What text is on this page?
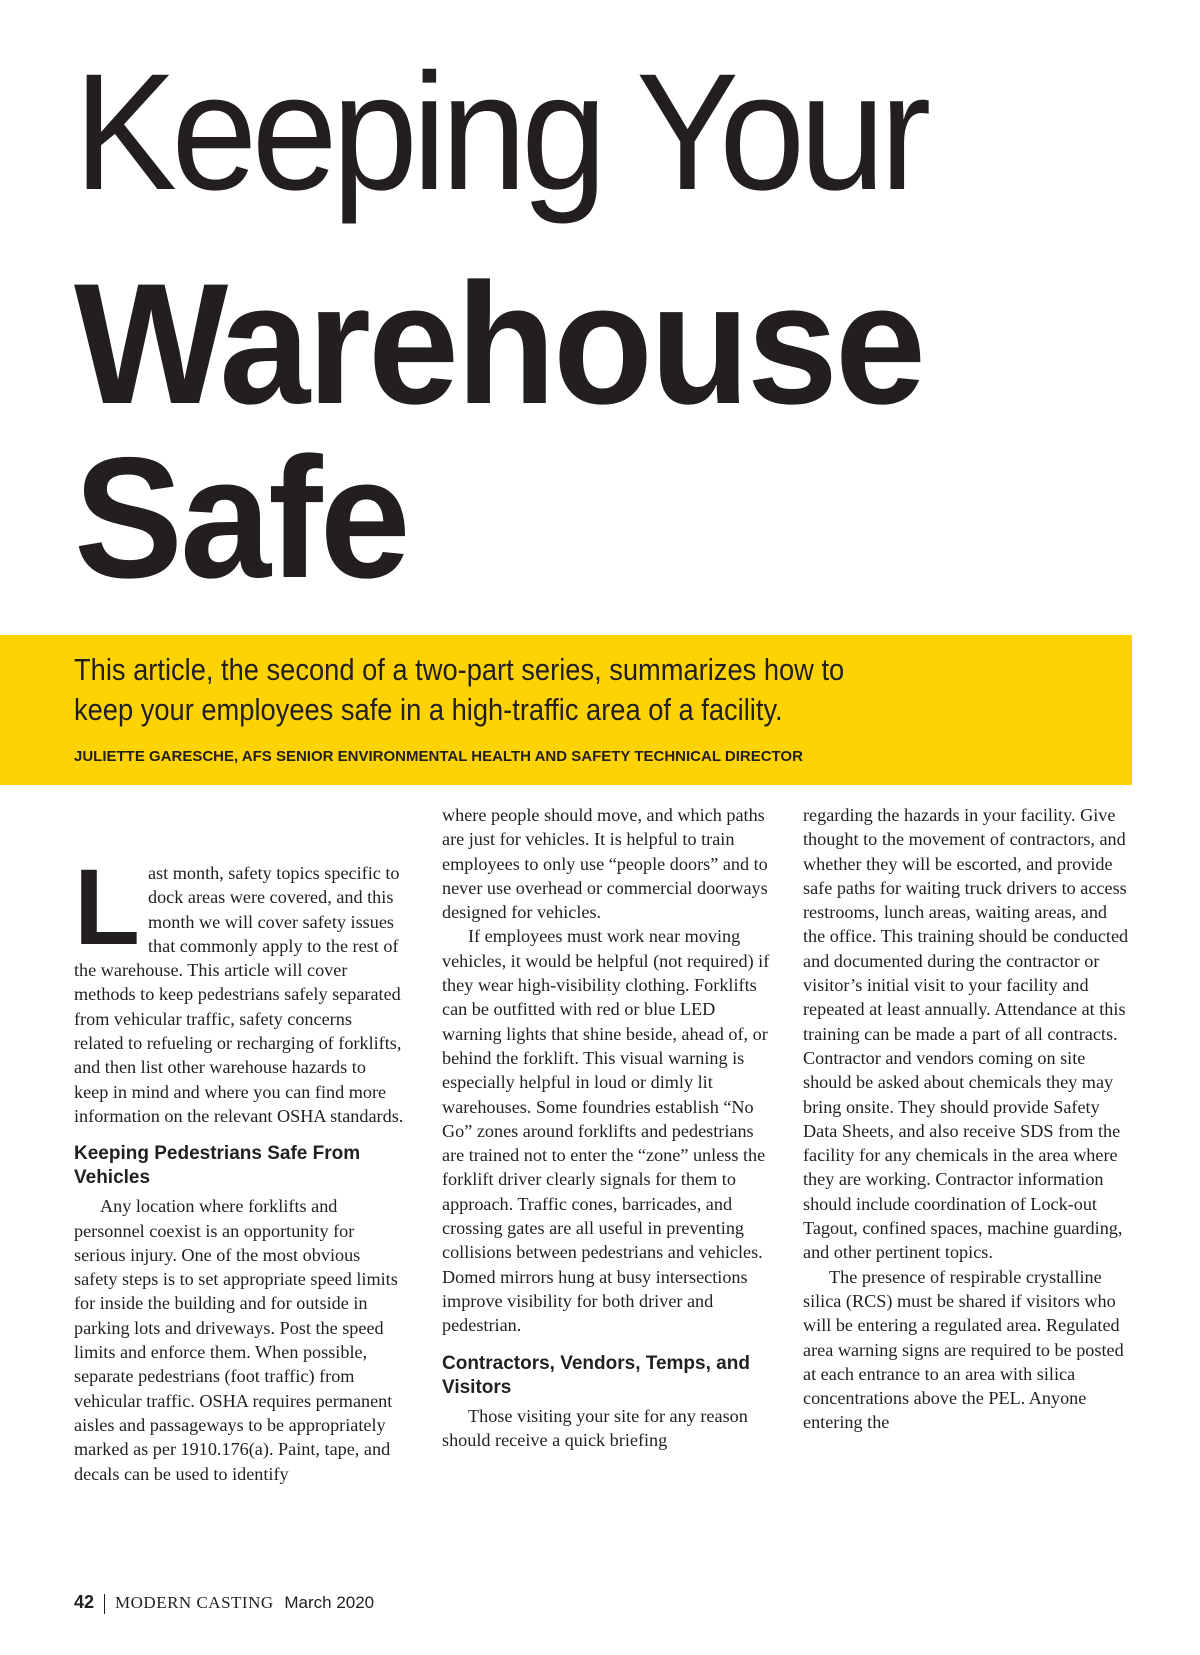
Keeping Your
Warehouse
Safe
This article, the second of a two-part series, summarizes how to
keep your employees safe in a high-traffic area of a facility.
JULIETTE GARESCHE, AFS SENIOR ENVIRONMENTAL HEALTH AND SAFETY TECHNICAL DIRECTOR
L ast month, safety topics specific to dock areas were covered, and this month we will cover safety issues that commonly apply to the rest of the warehouse. This article will cover methods to keep pedestrians safely separated from vehicular traffic, safety concerns related to refueling or recharging of forklifts, and then list other warehouse hazards to keep in mind and where you can find more information on the relevant OSHA standards.
Keeping Pedestrians Safe From Vehicles

Any location where forklifts and personnel coexist is an opportunity for serious injury. One of the most obvious safety steps is to set appropriate speed limits for inside the building and for outside in parking lots and driveways. Post the speed limits and enforce them. When possible, separate pedestrians (foot traffic) from vehicular traffic. OSHA requires permanent aisles and passageways to be appropriately marked as per 1910.176(a). Paint, tape, and decals can be used to identify

where people should move, and which paths are just for vehicles. It is helpful to train employees to only use “people doors” and to never use overhead or commercial doorways designed for vehicles.

If employees must work near moving vehicles, it would be helpful (not required) if they wear high-visibility clothing. Forklifts can be outfitted with red or blue LED warning lights that shine beside, ahead of, or behind the forklift. This visual warning is especially helpful in loud or dimly lit warehouses. Some foundries establish “No Go” zones around forklifts and pedestrians are trained not to enter the “zone” unless the forklift driver clearly signals for them to approach. Traffic cones, barricades, and crossing gates are all useful in preventing collisions between pedestrians and vehicles. Domed mirrors hung at busy intersections improve visibility for both driver and pedestrian.

Contractors, Vendors, Temps, and Visitors

Those visiting your site for any reason should receive a quick briefing

regarding the hazards in your facility. Give thought to the movement of contractors, and whether they will be escorted, and provide safe paths for waiting truck drivers to access restrooms, lunch areas, waiting areas, and the office. This training should be conducted and documented during the contractor or visitor’s initial visit to your facility and repeated at least annually. Attendance at this training can be made a part of all contracts. Contractor and vendors coming on site should be asked about chemicals they may bring onsite. They should provide Safety Data Sheets, and also receive SDS from the facility for any chemicals in the area where they are working. Contractor information should include coordination of Lock-out Tagout, confined spaces, machine guarding, and other pertinent topics.

The presence of respirable crystalline silica (RCS) must be shared if visitors who will be entering a regulated area. Regulated area warning signs are required to be posted at each entrance to an area with silica concentrations above the PEL. Anyone entering the

42 MODERN CASTING March 2020
